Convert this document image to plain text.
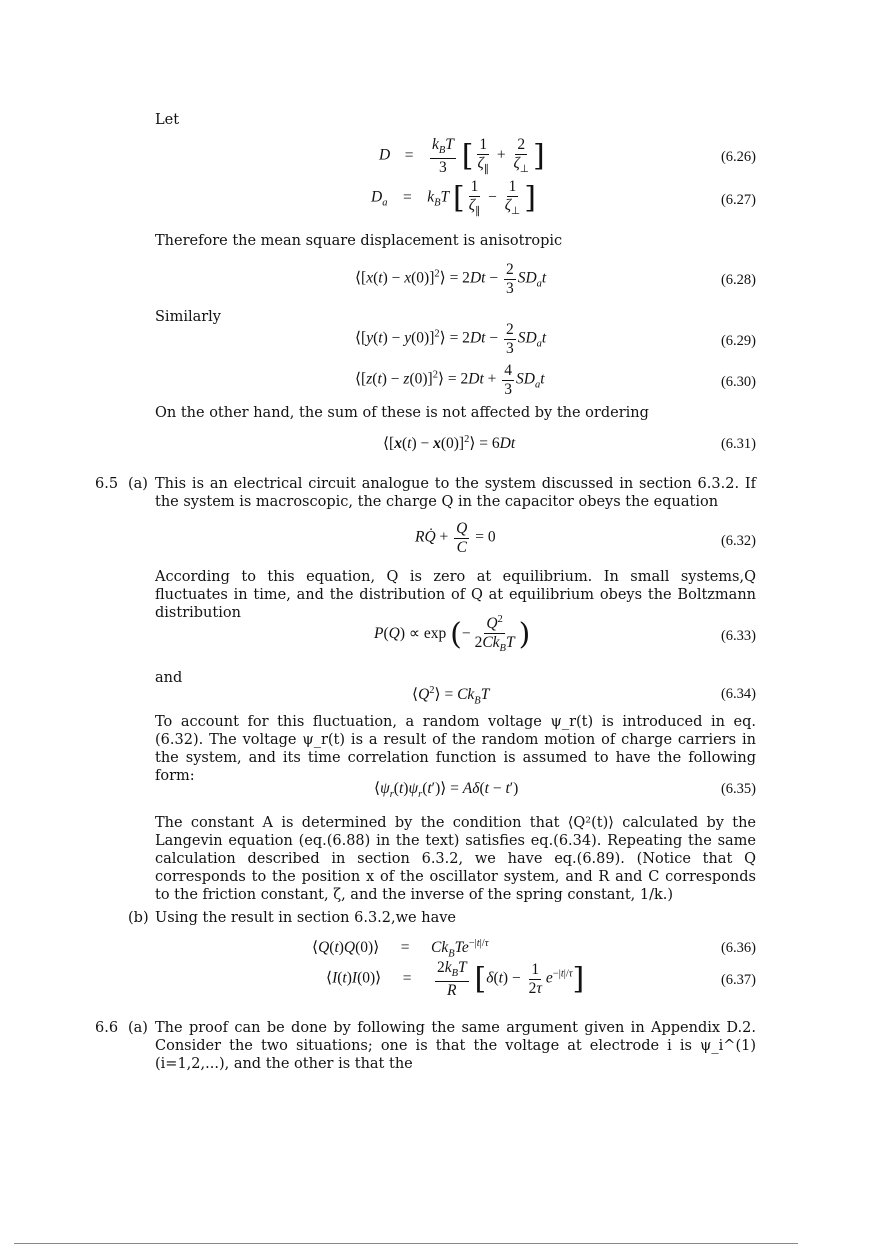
Let
$D = \frac{k_BT}{3}$ [ $\frac{1}{\zeta_\parallel} + \frac{2}{\zeta_\perp}$ ]	(6.26)
$D_a = k_BT$ [ $\frac{1}{\zeta_\parallel} - \frac{1}{\zeta_\perp}$ ]	(6.27)
Therefore the mean square displacement is anisotropic
⟨[x(t) − x(0)]$^2$⟩ = $2Dt - \frac{2}{3} SD_at$	(6.28)
Similarly
⟨[y(t) − y(0)]$^2$⟩ = $2Dt - \frac{2}{3} SD_at$	(6.29)
⟨[z(t) − z(0)]$^2$⟩ = $2Dt + \frac{4}{3} SD_at$	(6.30)
On the other hand, the sum of these is not affected by the ordering
⟨[x(t) − x(0)]$^2$⟩ = 6Dt	(6.31)
6.5 (a) This is an electrical circuit analogue to the system discussed in section 6.3.2. If the system is macroscopic, the charge Q in the capacitor obeys the equation
RQ̇ + $\frac{Q}{C} = 0$	(6.32)
According to this equation, Q is zero at equilibrium. In small systems,Q fluctuates in time, and the distribution of Q at equilibrium obeys the Boltzmann distribution
P(Q) ∝ exp (− $\frac{Q^2}{2Ck_BT}$ )	(6.33)
and
$⟨Q^2⟩ = Ck_BT$	(6.34)
To account for this fluctuation, a random voltage ψ_r(t) is introduced in eq.(6.32). The voltage ψ_r(t) is a result of the random motion of charge carriers in the system, and its time correlation function is assumed to have the following form:
$⟨\psi_r(t)\psi_r(t')⟩ = A\delta(t - t')$	(6.35)
The constant A is determined by the condition that ⟨Q²(t)⟩ calculated by the Langevin equation (eq.(6.88) in the text) satisfies eq.(6.34). Repeating the same calculation described in section 6.3.2, we have eq.(6.89). (Notice that Q corresponds to the position x of the oscillator system, and R and C corresponds to the friction constant, ζ, and the inverse of the spring constant, 1/k.)
(b) Using the result in section 6.3.2,we have
⟨Q(t)Q(0)⟩ = $Ck_BTe^{-|t|/\tau}$	(6.36)
⟨I(t)I(0)⟩ = $\frac{2k_BT}{R} [\delta(t) - \frac{1}{2\tau} e^{-|t|/\tau}]$	(6.37)
6.6 (a) The proof can be done by following the same argument given in Appendix D.2. Consider the two situations; one is that the voltage at electrode i is ψ_i^(1) (i=1,2,...), and the other is that the
